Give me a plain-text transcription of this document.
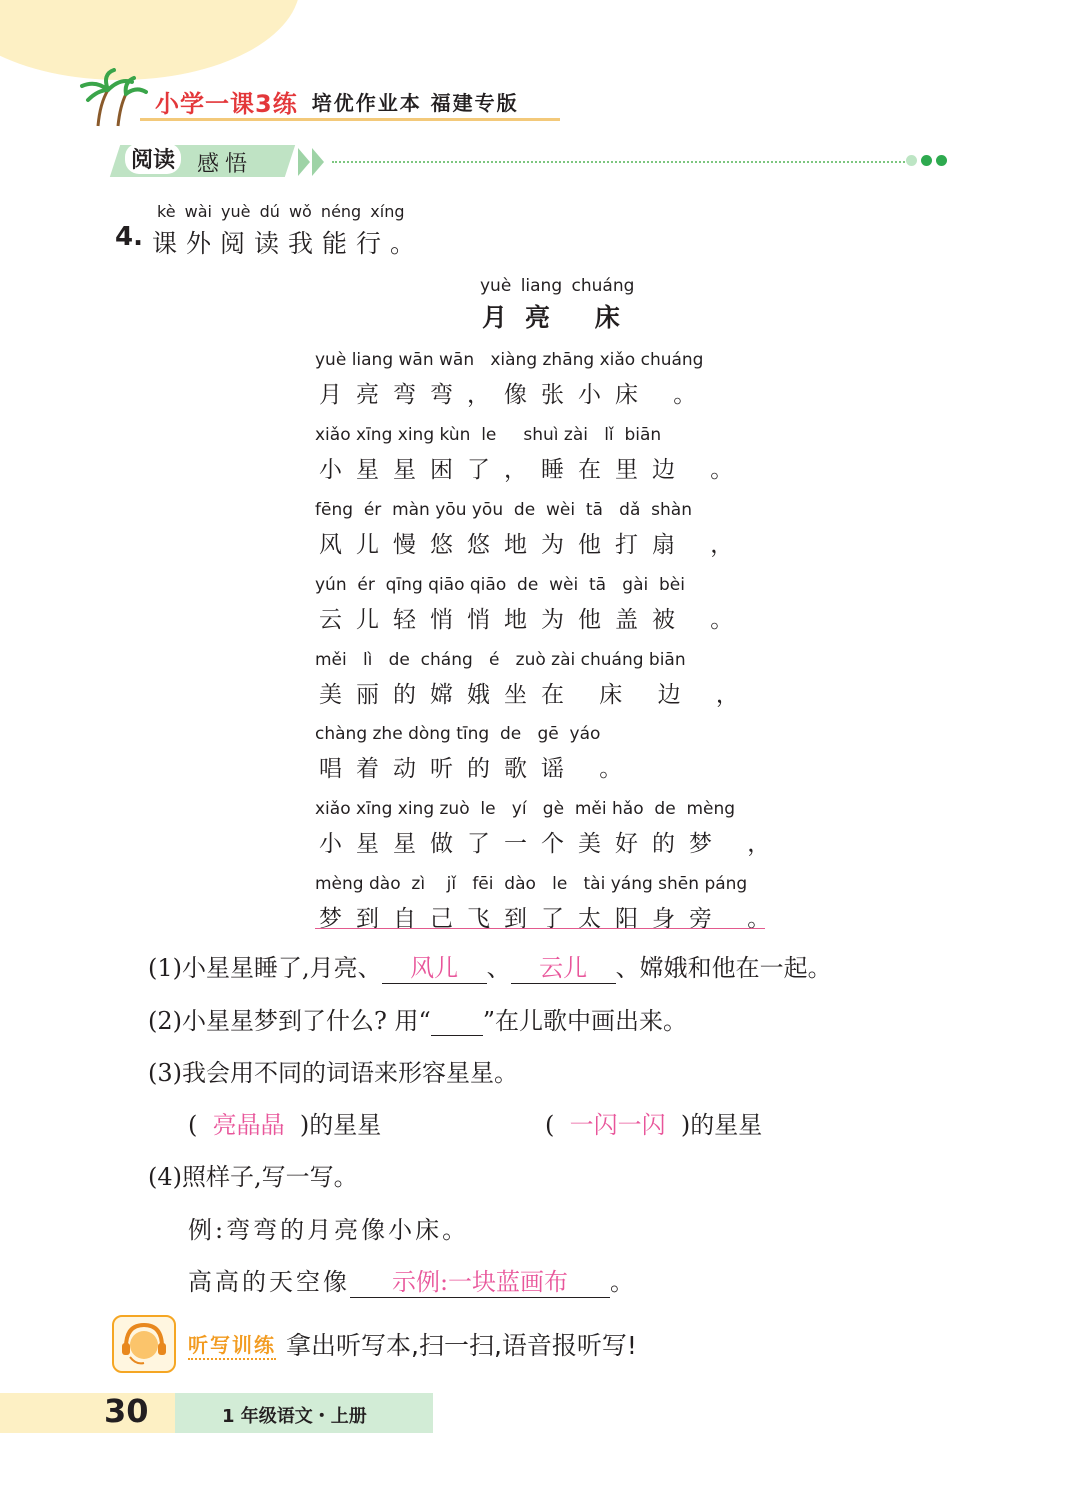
小学一课3练 培优作业本 福建专版
阅读 感悟
kè wài yuè dú wǒ néng xíng
4. 课外阅读我能行。
yuè liang chuáng
月亮 床
yuè liang wān wān   xiàng zhāng xiǎo chuáng
月亮弯弯，像张小床 。
xiǎo xīng xing kùn  le     shuì zài   lǐ  biān
小星星困了，睡在里边 。
fēng  ér  màn yōu yōu  de  wèi  tā   dǎ  shàn
风儿慢悠悠地为他打扇 ，
yún  ér  qīng qiāo qiāo  de  wèi  tā   gài  bèi
云儿轻悄悄地为他盖被 。
měi   lì   de  cháng   é   zuò zài chuáng biān
美丽的嫦娥坐在 床 边 ，
chàng zhe dòng tīng  de   gē  yáo
唱着动听的歌谣 。
xiǎo xīng xing zuò  le   yí   gè  měi hǎo  de  mèng
小星星做了一个美好的梦 ，
mèng dào  zì    jǐ   fēi  dào   le   tài yáng shēn páng
梦到自己飞到了太阳身旁 。
(1)小星星睡了,月亮、 风儿 、 云儿 、嫦娥和他在一起。
(2)小星星梦到了什么? 用“ ”在儿歌中画出来。
(3)我会用不同的词语来形容星星。
( 亮晶晶 )的星星	( 一闪一闪 )的星星
(4)照样子,写一写。
例:弯弯的月亮像小床。
高高的天空像 示例:一块蓝画布 。
听写训练 拿出听写本,扫一扫,语音报听写!
30	1 年级语文・上册
